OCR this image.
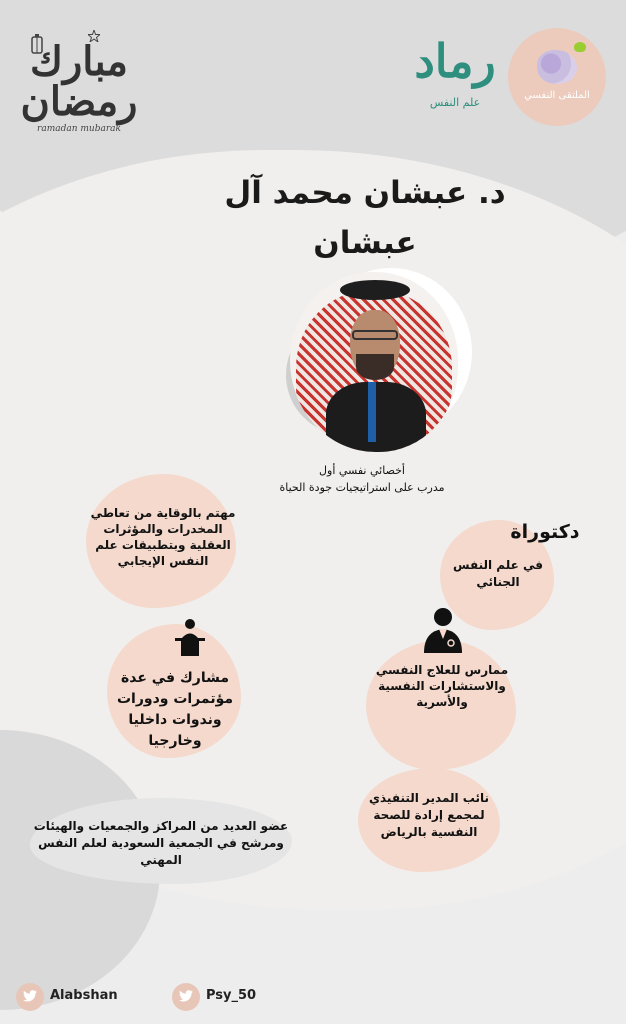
مبارك رمضان
ramadan mubarak
رماد
علم النفس
الملتقى النفسي
د. عبشان محمد آل عبشان
أخصائي نفسي أول
مدرب على استراتيجيات جودة الحياة
مهتم بالوقاية من تعاطي المخدرات والمؤثرات العقلية وبتطبيقات علم النفس الإيجابي
دكتوراة
في علم النفس الجنائي
مشارك في عدة مؤتمرات ودورات وندوات داخليا وخارجيا
ممارس للعلاج النفسي والاستشارات النفسية والأسرية
نائب المدير التنفيذي لمجمع إرادة للصحة النفسية بالرياض
عضو العديد من المراكز والجمعيات والهيئات ومرشح في الجمعية السعودية لعلم النفس المهني
Alabshan	Psy_50
